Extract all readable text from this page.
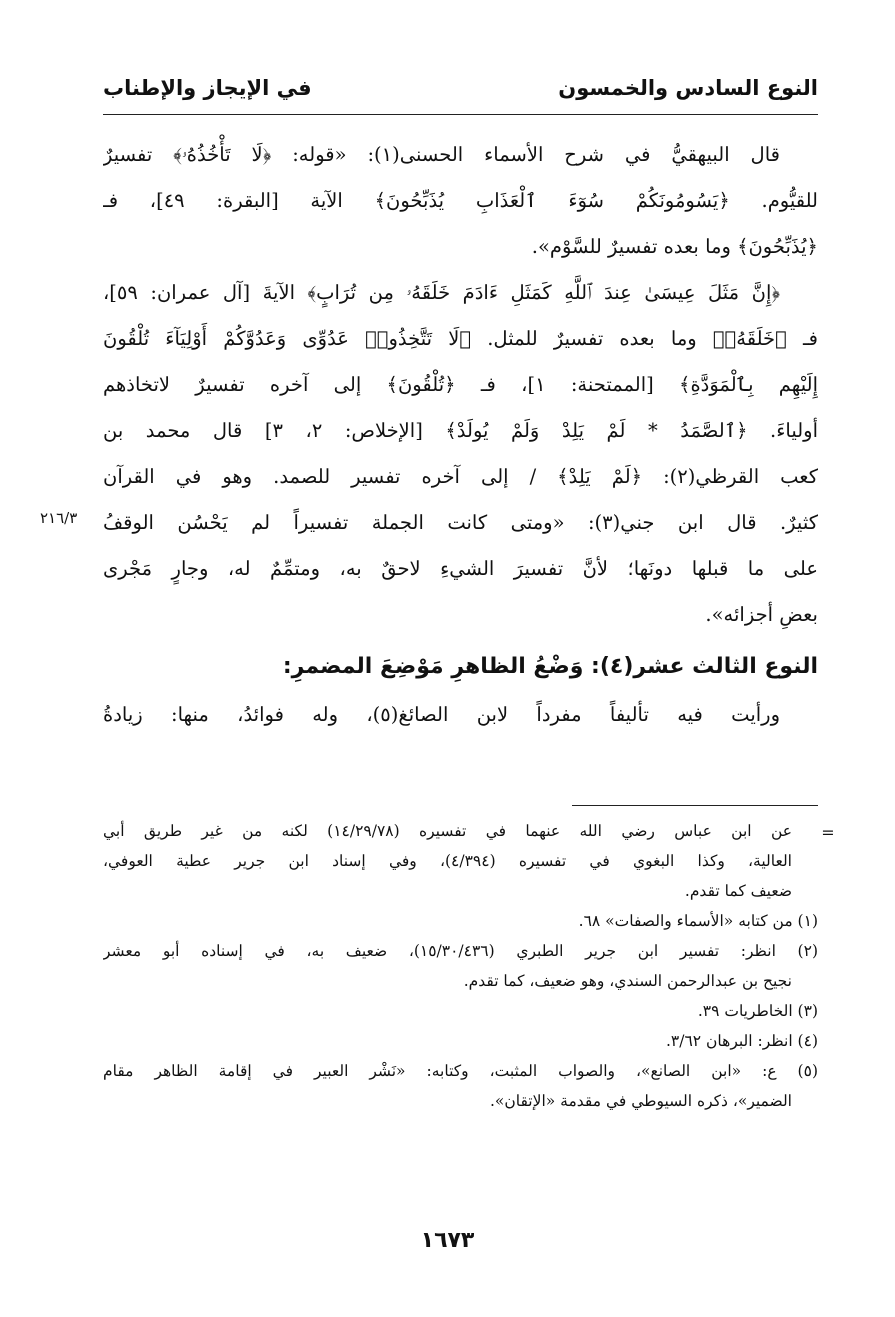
النوع السادس والخمسون
في الإيجاز والإطناب
قال البيهقيُّ في شرح الأسماء الحسنى(١): «قوله: ﴿لَا تَأْخُذُهُۥ﴾ تفسيرٌ
للقيُّوم. ﴿يَسُومُونَكُمْ سُوٓءَ ٱلْعَذَابِ يُذَبِّحُونَ﴾ الآية [البقرة: ٤٩]، فـ
﴿يُذَبِّحُونَ﴾ وما بعده تفسيرٌ للسَّوْم».
﴿إِنَّ مَثَلَ عِيسَىٰ عِندَ ٱللَّهِ كَمَثَلِ ءَادَمَ خَلَقَهُۥ مِن تُرَابٍ﴾ الآيةَ [آل عمران: ٥٩]،
فـ ﴿خَلَقَهُۥ﴾ وما بعده تفسيرٌ للمثل. ﴿لَا تَتَّخِذُوا۟ عَدُوِّى وَعَدُوَّكُمْ أَوْلِيَآءَ تُلْقُونَ
إِلَيْهِم بِٱلْمَوَدَّةِ﴾ [الممتحنة: ١]، فـ ﴿تُلْقُونَ﴾ إلى آخره تفسيرٌ لاتخاذهم
أولياءَ. ﴿ٱلصَّمَدُ * لَمْ يَلِدْ وَلَمْ يُولَدْ﴾ [الإخلاص: ٢، ٣] قال محمد بن
كعب القرظي(٢): ﴿لَمْ يَلِدْ﴾ / إلى آخره تفسير للصمد. وهو في القرآن
كثيرٌ. قال ابن جني(٣): «ومتى كانت الجملة تفسيراً لم يَحْسُن الوقفُ
على ما قبلها دونَها؛ لأنَّ تفسيرَ الشيءِ لاحقٌ به، ومتمِّمٌ له، وجارٍ مَجْرى
بعضِ أجزائه».
النوع الثالث عشر(٤): وَضْعُ الظاهرِ مَوْضِعَ المضمرِ:
ورأيت فيه تأليفاً مفرداً لابن الصائغ(٥)، وله فوائدُ، منها: زيادةُ
٢١٦/٣
=
عن ابن عباس رضي الله عنهما في تفسيره (١٤/٢٩/٧٨) لكنه من غير طريق أبي
العالية، وكذا البغوي في تفسيره (٤/٣٩٤)، وفي إسناد ابن جرير عطية العوفي،
ضعيف كما تقدم.
(١) من كتابه «الأسماء والصفات» ٦٨.
(٢) انظر: تفسير ابن جرير الطبري (١٥/٣٠/٤٣٦)، ضعيف به، في إسناده أبو معشر
نجيح بن عبدالرحمن السندي، وهو ضعيف، كما تقدم.
(٣) الخاطريات ٣٩.
(٤) انظر: البرهان ٣/٦٢.
(٥) ع: «ابن الصانع»، والصواب المثبت، وكتابه: «نَشْر العبير في إقامة الظاهر مقام
الضمير»، ذكره السيوطي في مقدمة «الإتقان».
١٦٧٣
